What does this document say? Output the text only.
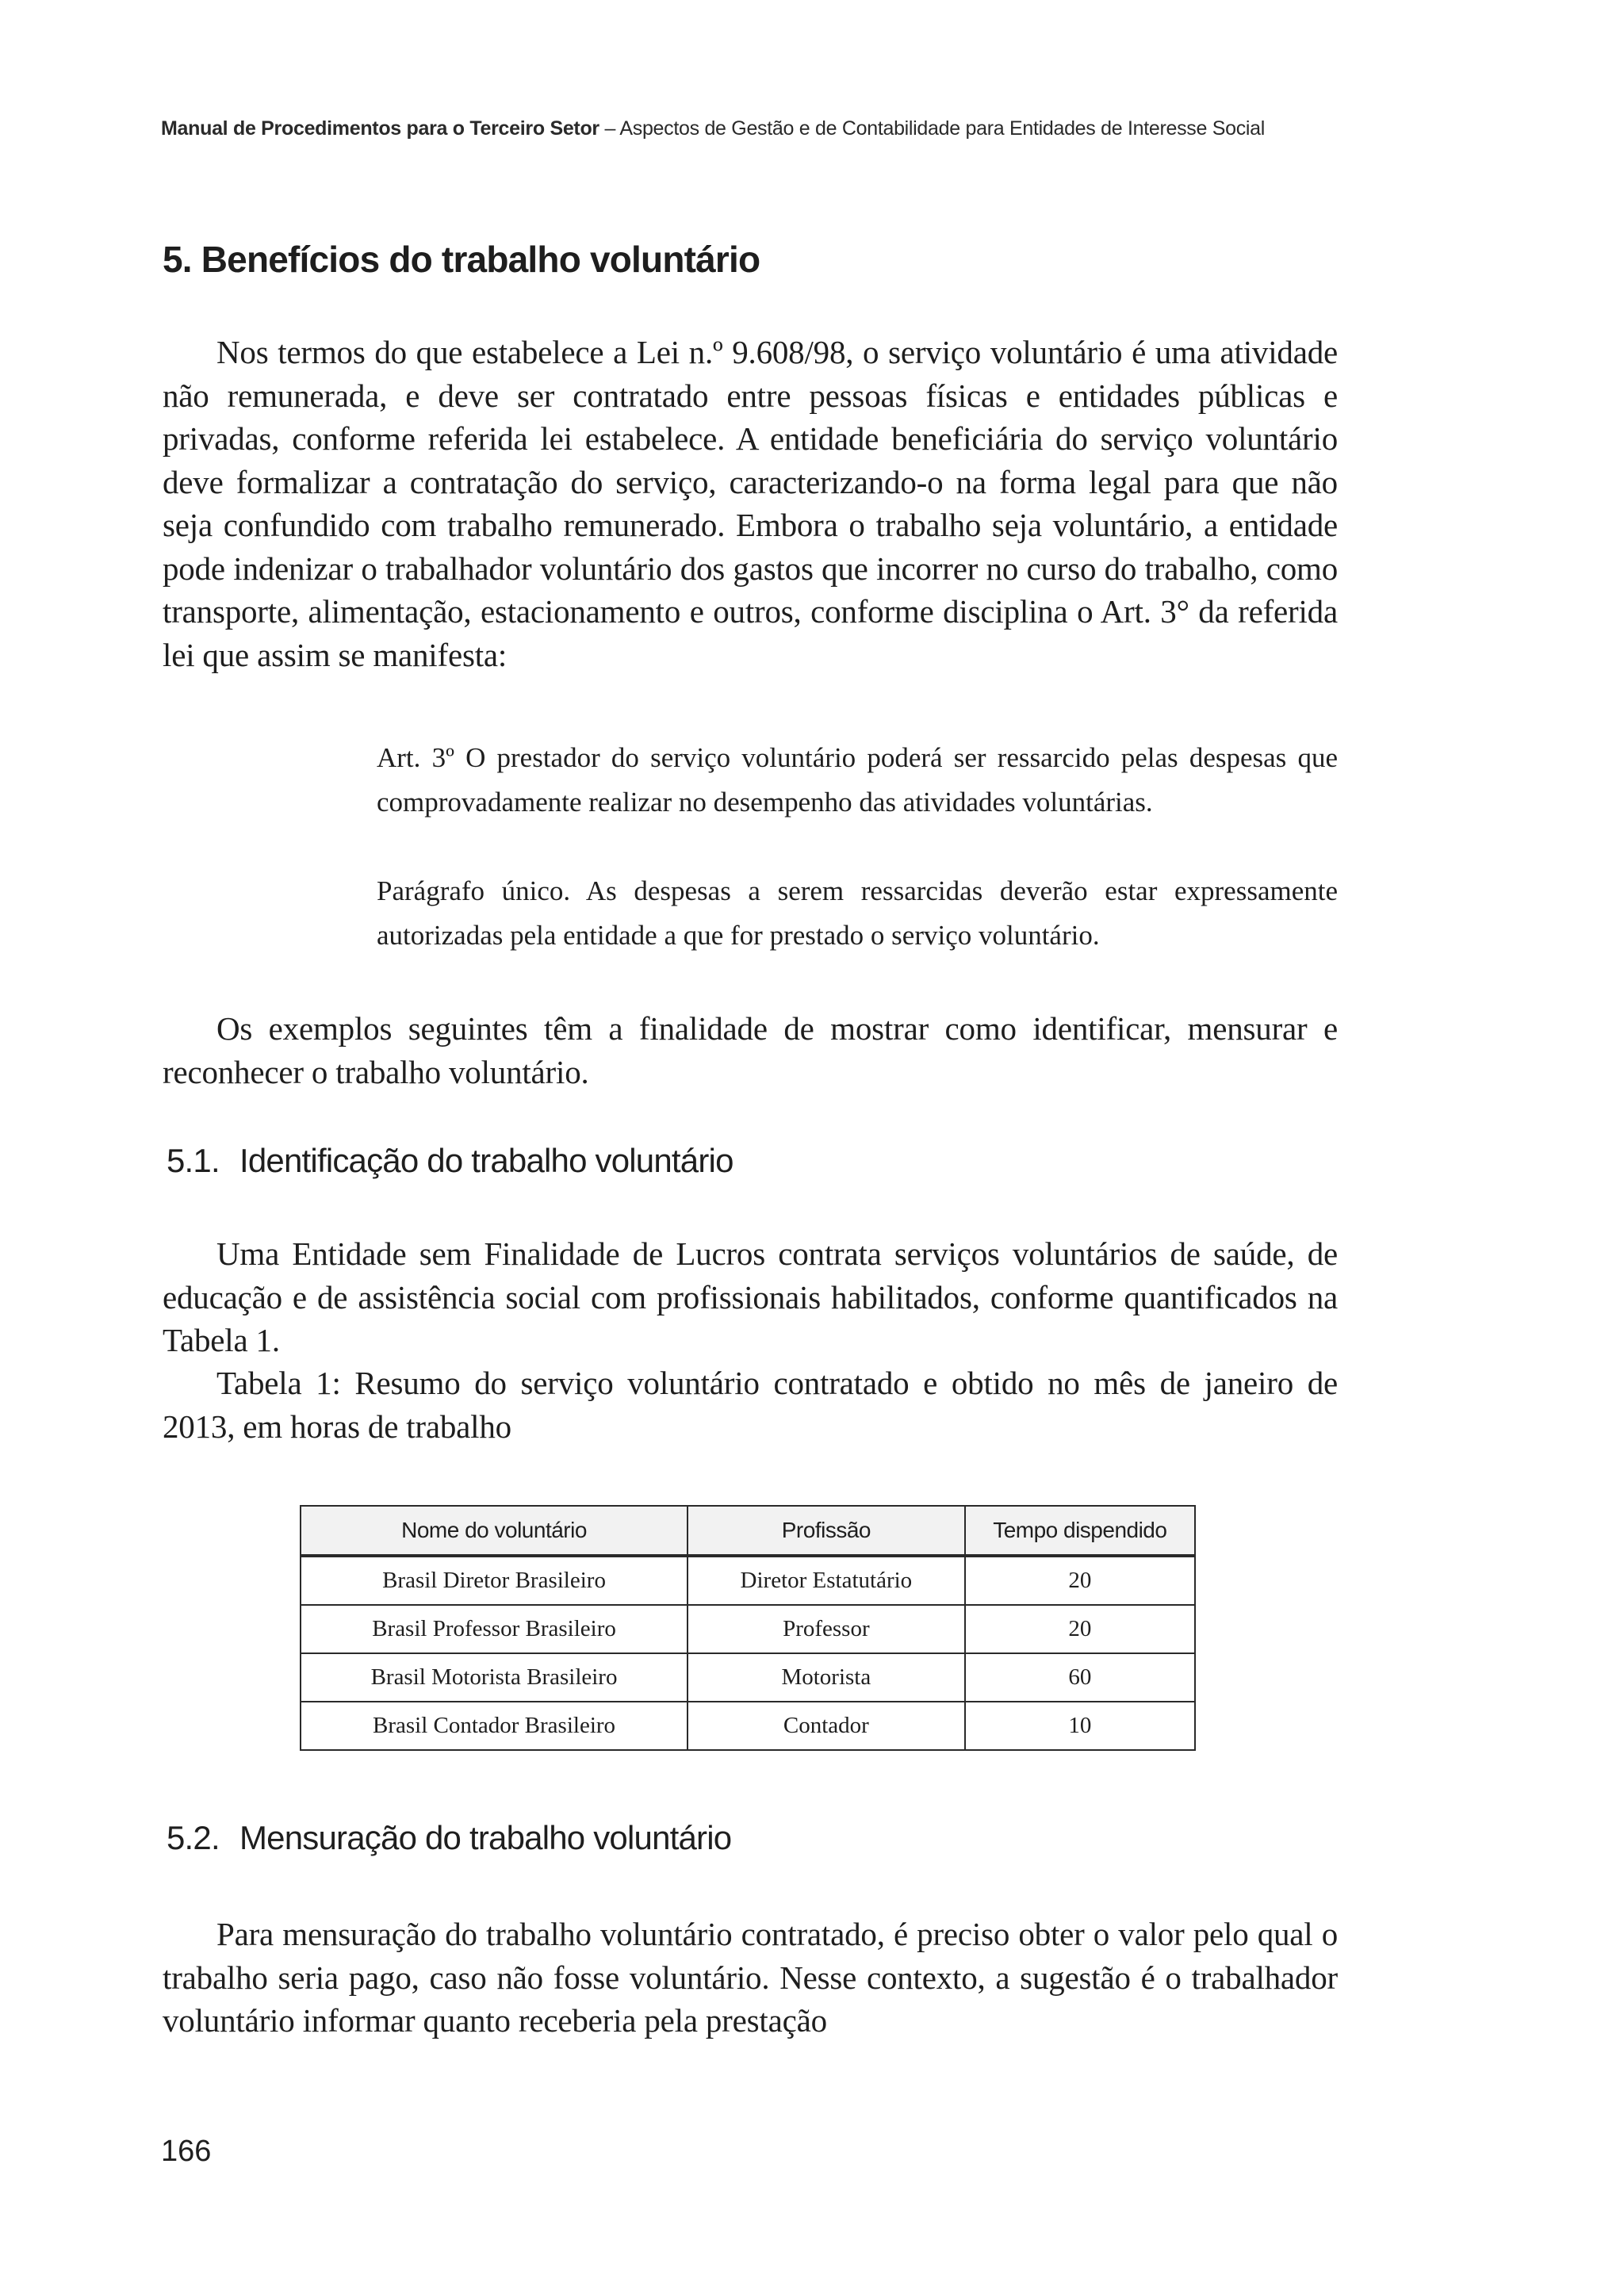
Manual de Procedimentos para o Terceiro Setor – Aspectos de Gestão e de Contabilidade para Entidades de Interesse Social
5. Benefícios do trabalho voluntário

Nos termos do que estabelece a Lei n.º 9.608/98, o serviço voluntário é uma atividade não remunerada, e deve ser contratado entre pessoas físicas e entidades públicas e privadas, conforme referida lei estabelece. A entidade beneficiária do serviço voluntário deve formalizar a contratação do serviço, caracterizando-o na forma legal para que não seja confundido com trabalho remunerado. Embora o trabalho seja voluntário, a entidade pode indenizar o trabalhador voluntário dos gastos que incorrer no curso do trabalho, como transporte, alimentação, estacionamento e outros, conforme disciplina o Art. 3° da referida lei que assim se manifesta:

Art. 3º O prestador do serviço voluntário poderá ser ressarcido pelas despesas que comprovadamente realizar no desempenho das atividades voluntárias.

Parágrafo único. As despesas a serem ressarcidas deverão estar expressamente autorizadas pela entidade a que for prestado o serviço voluntário.

Os exemplos seguintes têm a finalidade de mostrar como identificar, mensurar e reconhecer o trabalho voluntário.

5.1. Identificação do trabalho voluntário

Uma Entidade sem Finalidade de Lucros contrata serviços voluntários de saúde, de educação e de assistência social com profissionais habilitados, conforme quantificados na Tabela 1.

Tabela 1: Resumo do serviço voluntário contratado e obtido no mês de janeiro de 2013, em horas de trabalho

Nome do voluntário	Profissão	Tempo dispendido
Brasil Diretor Brasileiro	Diretor Estatutário	20
Brasil Professor Brasileiro	Professor	20
Brasil Motorista Brasileiro	Motorista	60
Brasil Contador Brasileiro	Contador	10
5.2. Mensuração do trabalho voluntário

Para mensuração do trabalho voluntário contratado, é preciso obter o valor pelo qual o trabalho seria pago, caso não fosse voluntário. Nesse contexto, a sugestão é o trabalhador voluntário informar quanto receberia pela prestação

166
